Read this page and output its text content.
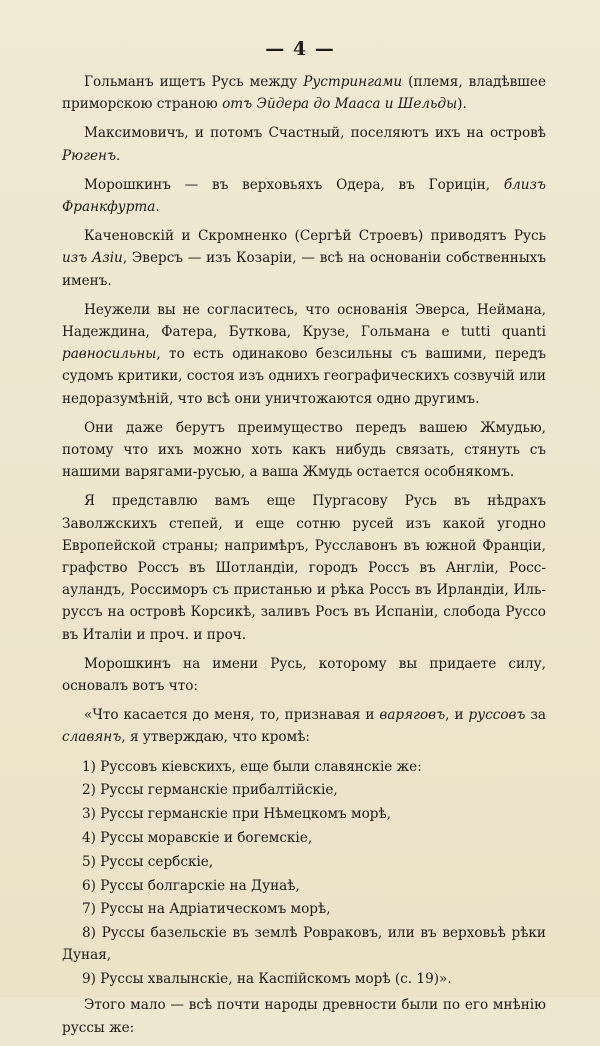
— 4 —

Гольманъ ищетъ Русь между Рустрингами (племя, владѣвшее приморскою страною отъ Эйдера до Мааса и Шельды).

Максимовичъ, и потомъ Счастный, поселяютъ ихъ на островѣ Рюгенъ.

Морошкинъ — въ верховьяхъ Одера, въ Горицін, близъ Франкфурта.

Каченовскій и Скромненко (Сергѣй Строевъ) приводятъ Русь изъ Азіи, Эверсъ — изъ Козаріи, — всѣ на основаніи собственныхъ именъ.

Неужели вы не согласитесь, что основанія Эверса, Неймана, Надеждина, Фатера, Буткова, Крузе, Гольмана e tutti quanti равносильны, то есть одинаково безсильны съ вашими, передъ судомъ критики, состоя изъ однихъ географическихъ созвучій или недоразумѣній, что всѣ они уничтожаются одно другимъ.

Они даже берутъ преимущество передъ вашею Жмудью, потому что ихъ можно хоть какъ нибудь связать, стянуть съ нашими варягами-русью, а ваша Жмудь остается особнякомъ.

Я представлю вамъ еще Пургасову Русь въ нѣдрахъ Заволжскихъ степей, и еще сотню русей изъ какой угодно Европейской страны; напримѣръ, Русславонъ въ южной Франціи, графство Россъ въ Шотландіи, городъ Россъ въ Англіи, Росс-ауландъ, Россиморъ съ пристанью и рѣка Россъ въ Ирландіи, Иль-руссъ на островѣ Корсикѣ, заливъ Росъ въ Испаніи, слобода Руссо въ Италіи и проч. и проч.

Морошкинъ на имени Русь, которому вы придаете силу, основалъ вотъ что:

«Что касается до меня, то, признавая и варяговъ, и руссовъ за славянъ, я утверждаю, что кромѣ:

1) Руссовъ кіевскихъ, еще были славянскіе же:

2) Руссы германскіе прибалтійскіе,

3) Руссы германскіе при Нѣмецкомъ морѣ,

4) Руссы моравскіе и богемскіе,

5) Руссы сербскіе,

6) Руссы болгарскіе на Дунаѣ,

7) Руссы на Адріатическомъ морѣ,

8) Руссы базельскіе въ землѣ Ровраковъ, или въ верховьѣ рѣки Дуная,

9) Руссы хвалынскіе, на Каспійскомъ морѣ (с. 19)».

Этого мало — всѣ почти народы древности были по его мнѣнію руссы же:
